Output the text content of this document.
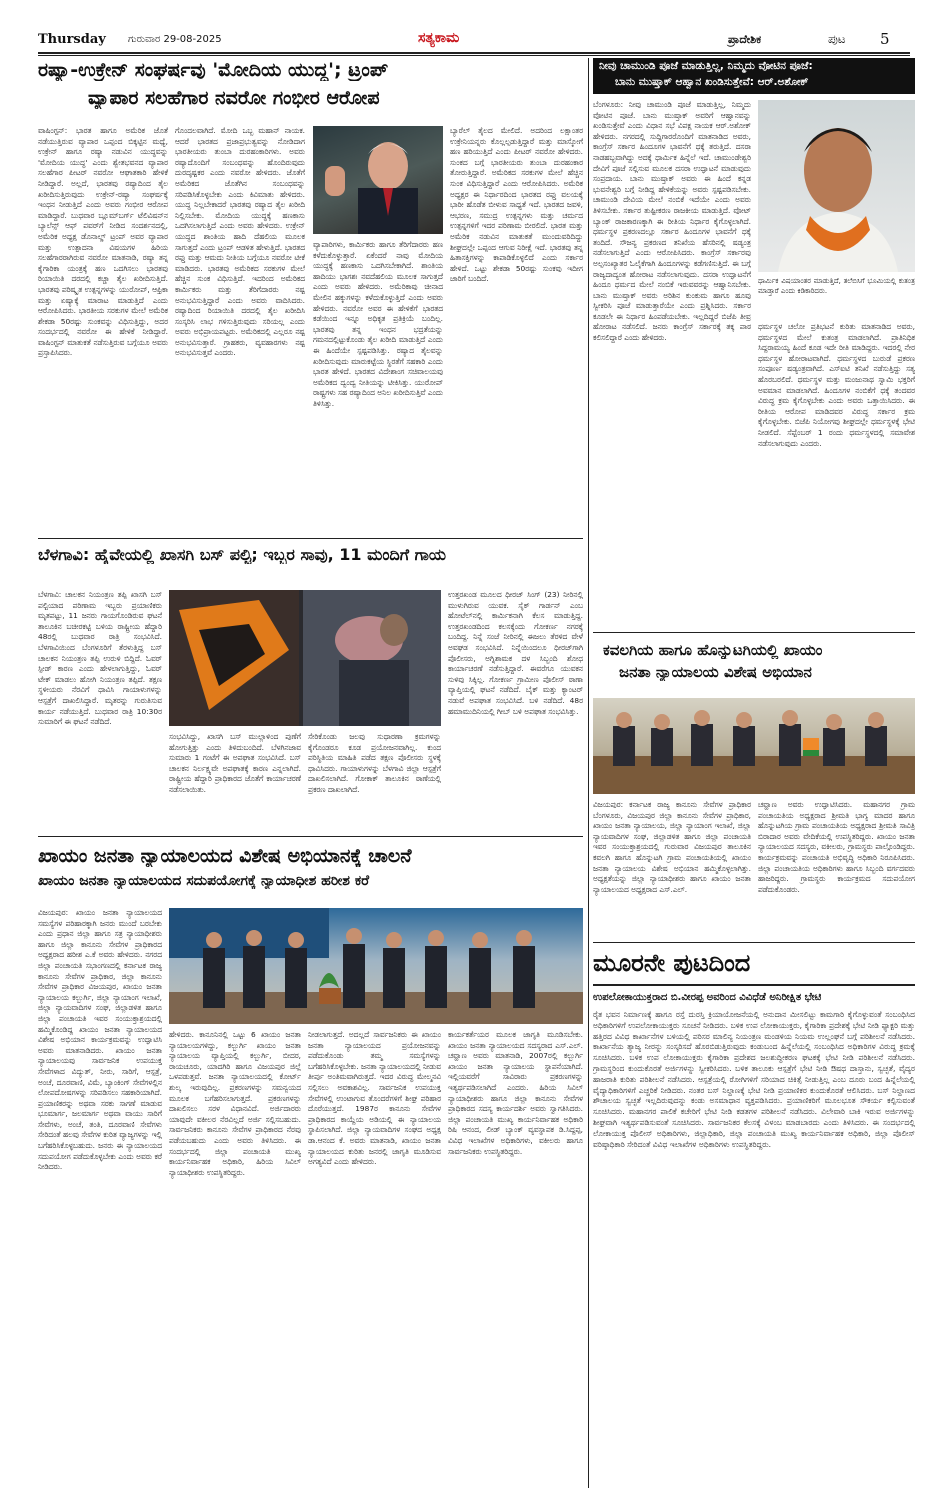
Thursday ಗುರುವಾರ 29-08-2025	ಸತ್ಯಕಾಮ	ಪ್ರಾದೇಶಿಕ	ಪುಟ 5
ರಷ್ಯಾ-ಉಕ್ರೇನ್ ಸಂಘರ್ಷವು 'ಮೋದಿಯ ಯುದ್ಧ'; ಟ್ರಂಪ್
ವ್ಯಾಪಾರ ಸಲಹೆಗಾರ ನವರೋ ಗಂಭೀರ ಆರೋಪ
ವಾಷಿಂಗ್ಟನ್: ಭಾರತ ಹಾಗೂ ಅಮೆರಿಕ ಜೊತೆ ನಡೆಯುತ್ತಿರುವ ವ್ಯಾಪಾರ ಒಪ್ಪಂದ ಬಿಕ್ಕಟ್ಟಿನ ಮಧ್ಯೆ, ಉಕ್ರೇನ್ ಹಾಗೂ ರಷ್ಯಾ ನಡುವಿನ ಯುದ್ಧವನ್ನು 'ಮೋದಿಯ ಯುದ್ಧ' ಎಂದು ಶ್ವೇತಭವನದ ವ್ಯಾಪಾರ ಸಲಹೆಗಾರ ಪೀಟರ್ ನವರೋ ಆಘಾತಕಾರಿ ಹೇಳಿಕೆ ನೀಡಿದ್ದಾರೆ. ಅಲ್ಲದೆ, ಭಾರತವು ರಷ್ಯಾದಿಂದ ತೈಲ ಖರೀದಿಸುತ್ತಿರುವುದು ಉಕ್ರೇನ್-ರಷ್ಯಾ ಸಂಘರ್ಷಕ್ಕೆ ಇಂಧನ ನೀಡುತ್ತಿದೆ ಎಂದು ಅವರು ಗಂಭೀರ ಆರೋಪ ಮಾಡಿದ್ದಾರೆ. ಬುಧವಾರ ಬ್ಲೂಮ್‌ಬರ್ಗ್ ಟೆಲಿವಿಷನ್‌ನ ಬ್ಯಾಲೆನ್ಸ್ ಆಫ್ ಪವರ್‌ಗೆ ನೀಡಿದ ಸಂದರ್ಶನದಲ್ಲಿ, ಅಮೆರಿಕ ಅಧ್ಯಕ್ಷ ಡೊನಾಲ್ಡ್ ಟ್ರಂಪ್ ಅವರ ವ್ಯಾಪಾರ ಮತ್ತು ಉತ್ಪಾದನಾ ವಿಷಯಗಳ ಹಿರಿಯ ಸಲಹೆಗಾರರಾಗಿರುವ ನವರೋ ಮಾತನಾಡಿ, ರಷ್ಯಾ ತನ್ನ ಕೈಗಾರಿಕಾ ಯಂತ್ರಕ್ಕೆ ಹಣ ಒದಗಿಸಲು ಭಾರತವು ರಿಯಾಯಿತಿ ದರದಲ್ಲಿ ಕಚ್ಚಾ ತೈಲ ಖರೀದಿಸುತ್ತಿದೆ. ಭಾರತವು ಪರಿಷ್ಕೃತ ಉತ್ಪನ್ನಗಳನ್ನು ಯುರೋಪ್, ಆಫ್ರಿಕಾ ಮತ್ತು ಏಷ್ಯಾಕ್ಕೆ ಮಾರಾಟ ಮಾಡುತ್ತಿದೆ ಎಂದು ಆರೋಪಿಸಿದರು. ಭಾರತೀಯ ಸರಕುಗಳ ಮೇಲೆ ಅಮೆರಿಕ ಶೇಕಡಾ 50ರಷ್ಟು ಸುಂಕವನ್ನು ವಿಧಿಸುತ್ತಿದ್ದು, ಅದರ ಸಂದರ್ಭದಲ್ಲಿ ನವರೋ ಈ ಹೇಳಿಕೆ ನೀಡಿದ್ದಾರೆ. ವಾಷಿಂಗ್ಟನ್ ಮಾತುಕತೆ ನಡೆಸುತ್ತಿರುವ ಬಗ್ಗೆಯೂ ಅವರು ಪ್ರಸ್ತಾಪಿಸಿದರು.
ಗೊಂದಲವಾಗಿದೆ. ಮೋದಿ ಒಬ್ಬ ಮಹಾನ್ ನಾಯಕ. ಆದರೆ ಭಾರತದ ಪ್ರಜಾಪ್ರಭುತ್ವವನ್ನು ನೋಡಿದಾಗ ಭಾರತೀಯರು ತುಂಬಾ ದುರಹಂಕಾರಿಗಳು. ಅವರು ರಷ್ಯಾದೊಂದಿಗೆ ಸಂಬಂಧವನ್ನು ಹೊಂದಿರುವುದು ದುರದೃಷ್ಟಕರ ಎಂದು ನವರೋ ಹೇಳಿದರು. ಜೊತೆಗೆ ಅಮೆರಿಕದ ಜೊತೆಗಿನ ಸಂಬಂಧವನ್ನು ಸರಿಪಡಿಸಿಕೊಳ್ಳಬೇಕು ಎಂದು ಕಿವಿಮಾತು ಹೇಳಿದರು. ಯುದ್ಧ ನಿಲ್ಲಬೇಕಾದರೆ ಭಾರತವು ರಷ್ಯಾದ ತೈಲ ಖರೀದಿ ನಿಲ್ಲಿಸಬೇಕು. ಮೋದಿಯ ಯುದ್ಧಕ್ಕೆ ಹಣಕಾಸು ಒದಗಿಸಲಾಗುತ್ತಿದೆ ಎಂದು ಅವರು ಹೇಳಿದರು. ಉಕ್ರೇನ್ ಯುದ್ಧದ ಶಾಂತಿಯ ಹಾದಿ ದೆಹಲಿಯ ಮೂಲಕ ಸಾಗುತ್ತದೆ ಎಂದು ಟ್ರಂಪ್ ಆಡಳಿತ ಹೇಳುತ್ತಿದೆ. ಭಾರತದ ರಫ್ತು ಮತ್ತು ಆಮದು ನೀತಿಯ ಬಗ್ಗೆಯೂ ನವರೋ ಟೀಕೆ ಮಾಡಿದರು. ಭಾರತವು ಅಮೆರಿಕದ ಸರಕುಗಳ ಮೇಲೆ ಹೆಚ್ಚಿನ ಸುಂಕ ವಿಧಿಸುತ್ತಿದೆ. ಇದರಿಂದ ಅಮೆರಿಕದ ಕಾರ್ಮಿಕರು ಮತ್ತು ತೆರಿಗೆದಾರರು ನಷ್ಟ ಅನುಭವಿಸುತ್ತಿದ್ದಾರೆ ಎಂದು ಅವರು ವಾದಿಸಿದರು. ರಷ್ಯಾದಿಂದ ರಿಯಾಯಿತಿ ದರದಲ್ಲಿ ತೈಲ ಖರೀದಿಸಿ ಸಂಸ್ಕರಿಸಿ ಲಾಭ ಗಳಿಸುತ್ತಿರುವುದು ಸರಿಯಲ್ಲ ಎಂದು ಅವರು ಅಭಿಪ್ರಾಯಪಟ್ಟರು. ಅಮೆರಿಕದಲ್ಲಿ ಎಲ್ಲರೂ ನಷ್ಟ ಅನುಭವಿಸುತ್ತಾರೆ. ಗ್ರಾಹಕರು, ವ್ಯವಹಾರಗಳು ನಷ್ಟ ಅನುಭವಿಸುತ್ತವೆ ಎಂದರು.
ವ್ಯಾಪಾರಿಗಳು, ಕಾರ್ಮಿಕರು ಹಾಗೂ ತೆರಿಗೆದಾರರು ಹಣ ಕಳೆದುಕೊಳ್ಳುತ್ತಾರೆ. ಏಕೆಂದರೆ ನಾವು ಮೋದಿಯ ಯುದ್ಧಕ್ಕೆ ಹಣಕಾಸು ಒದಗಿಸಬೇಕಾಗಿದೆ. ಶಾಂತಿಯ ಹಾದಿಯು ಭಾಗಶಃ ನವದೆಹಲಿಯ ಮೂಲಕ ಸಾಗುತ್ತದೆ ಎಂದು ಅವರು ಹೇಳಿದರು. ಅಮೆರಿಕಾವು ಚೀನಾದ ಮೇಲಿನ ಹಕ್ಕುಗಳನ್ನು ಕಳೆದುಕೊಳ್ಳುತ್ತಿದೆ ಎಂದು ಅವರು ಹೇಳಿದರು. ನವರೋ ಅವರ ಈ ಹೇಳಿಕೆಗೆ ಭಾರತದ ಕಡೆಯಿಂದ ಇನ್ನೂ ಅಧಿಕೃತ ಪ್ರತಿಕ್ರಿಯೆ ಬಂದಿಲ್ಲ. ಭಾರತವು ತನ್ನ ಇಂಧನ ಭದ್ರತೆಯನ್ನು ಗಮನದಲ್ಲಿಟ್ಟುಕೊಂಡು ತೈಲ ಖರೀದಿ ಮಾಡುತ್ತಿದೆ ಎಂದು ಈ ಹಿಂದೆಯೇ ಸ್ಪಷ್ಟಪಡಿಸಿತ್ತು. ರಷ್ಯಾದ ತೈಲವನ್ನು ಖರೀದಿಸುವುದು ಮಾರುಕಟ್ಟೆಯ ಸ್ಥಿರತೆಗೆ ಸಹಕಾರಿ ಎಂದು ಭಾರತ ಹೇಳಿದೆ. ಭಾರತದ ವಿದೇಶಾಂಗ ಸಚಿವಾಲಯವು ಅಮೆರಿಕದ ದ್ವಂದ್ವ ನೀತಿಯನ್ನು ಟೀಕಿಸಿತ್ತು. ಯುರೋಪ್ ರಾಷ್ಟ್ರಗಳು ಸಹ ರಷ್ಯಾದಿಂದ ಅನಿಲ ಖರೀದಿಸುತ್ತಿವೆ ಎಂದು ತಿಳಿಸಿತ್ತು.
ಬ್ಯಾರೆಲ್ ತೈಲದ ಮೇಲಿದೆ. ಅದರಿಂದ ಲಕ್ಷಾಂತರ ಉಕ್ರೇನಿಯನ್ನರು ಕೊಲ್ಲಲ್ಪಡುತ್ತಿದ್ದಾರೆ ಮತ್ತು ಮಾಸ್ಕೋಗೆ ಹಣ ಹರಿಯುತ್ತಿದೆ ಎಂದು ಪೀಟರ್ ನವರೋ ಹೇಳಿದರು. ಸುಂಕದ ಬಗ್ಗೆ ಭಾರತೀಯರು ತುಂಬಾ ದುರಹಂಕಾರ ತೋರುತ್ತಿದ್ದಾರೆ. ಅಮೆರಿಕದ ಸರಕುಗಳ ಮೇಲೆ ಹೆಚ್ಚಿನ ಸುಂಕ ವಿಧಿಸುತ್ತಿದ್ದಾರೆ ಎಂದು ಆರೋಪಿಸಿದರು. ಅಮೆರಿಕ ಅಧ್ಯಕ್ಷರ ಈ ನಿರ್ಧಾರದಿಂದ ಭಾರತದ ರಫ್ತು ವಲಯಕ್ಕೆ ಭಾರೀ ಹೊಡೆತ ಬೀಳುವ ಸಾಧ್ಯತೆ ಇದೆ. ಭಾರತದ ಜವಳಿ, ಆಭರಣ, ಸಮುದ್ರ ಉತ್ಪನ್ನಗಳು ಮತ್ತು ಚರ್ಮದ ಉತ್ಪನ್ನಗಳಿಗೆ ಇದರ ಪರಿಣಾಮ ಬೀರಲಿದೆ. ಭಾರತ ಮತ್ತು ಅಮೆರಿಕ ನಡುವಿನ ಮಾತುಕತೆ ಮುಂದುವರಿದಿದ್ದು ಶೀಘ್ರದಲ್ಲೇ ಒಪ್ಪಂದ ಆಗುವ ನಿರೀಕ್ಷೆ ಇದೆ. ಭಾರತವು ತನ್ನ ಹಿತಾಸಕ್ತಿಗಳನ್ನು ಕಾಪಾಡಿಕೊಳ್ಳಲಿದೆ ಎಂದು ಸರ್ಕಾರ ಹೇಳಿದೆ. ಒಟ್ಟು ಶೇಕಡಾ 50ರಷ್ಟು ಸುಂಕವು ಇದೀಗ ಜಾರಿಗೆ ಬಂದಿದೆ.
ನೀವು ಚಾಮುಂಡಿ ಪೂಜೆ ಮಾಡುತ್ತಿಲ್ಲ, ನಿಮ್ಮದು ವೋಟಿನ ಪೂಜೆ:
ಬಾನು ಮುಷ್ತಾಕ್ ಆಹ್ವಾನ ಖಂಡಿಸುತ್ತೇವೆ: ಆರ್.ಅಶೋಕ್
ಬೆಂಗಳೂರು: ನೀವು ಚಾಮುಂಡಿ ಪೂಜೆ ಮಾಡುತ್ತಿಲ್ಲ, ನಿಮ್ಮದು ವೋಟಿನ ಪೂಜೆ. ಬಾನು ಮುಷ್ತಾಕ್ ಅವರಿಗೆ ಆಹ್ವಾನವನ್ನು ಖಂಡಿಸುತ್ತೇವೆ ಎಂದು ವಿಧಾನ ಸಭೆ ವಿಪಕ್ಷ ನಾಯಕ ಆರ್.ಅಶೋಕ್ ಹೇಳಿದರು. ನಗರದಲ್ಲಿ ಸುದ್ದಿಗಾರರೊಂದಿಗೆ ಮಾತನಾಡಿದ ಅವರು, ಕಾಂಗ್ರೆಸ್ ಸರ್ಕಾರ ಹಿಂದೂಗಳ ಭಾವನೆಗೆ ಧಕ್ಕೆ ತರುತ್ತಿದೆ. ದಸರಾ ನಾಡಹಬ್ಬವಾಗಿದ್ದು ಅದಕ್ಕೆ ಧಾರ್ಮಿಕ ಹಿನ್ನೆಲೆ ಇದೆ. ಚಾಮುಂಡೇಶ್ವರಿ ದೇವಿಗೆ ಪೂಜೆ ಸಲ್ಲಿಸುವ ಮೂಲಕ ದಸರಾ ಉದ್ಘಾಟನೆ ಮಾಡುವುದು ಸಂಪ್ರದಾಯ. ಬಾನು ಮುಷ್ತಾಕ್ ಅವರು ಈ ಹಿಂದೆ ಕನ್ನಡ ಭುವನೇಶ್ವರಿ ಬಗ್ಗೆ ನೀಡಿದ್ದ ಹೇಳಿಕೆಯನ್ನು ಅವರು ಸ್ಪಷ್ಟಪಡಿಸಬೇಕು. ಚಾಮುಂಡಿ ದೇವಿಯ ಮೇಲೆ ನಂಬಿಕೆ ಇದೆಯೇ ಎಂದು ಅವರು ತಿಳಿಸಬೇಕು. ಸರ್ಕಾರ ತುಷ್ಟೀಕರಣ ರಾಜಕೀಯ ಮಾಡುತ್ತಿದೆ. ವೋಟ್ ಬ್ಯಾಂಕ್ ರಾಜಕಾರಣಕ್ಕಾಗಿ ಈ ರೀತಿಯ ನಿರ್ಧಾರ ಕೈಗೊಳ್ಳಲಾಗಿದೆ. ಧರ್ಮಸ್ಥಳ ಪ್ರಕರಣದಲ್ಲೂ ಸರ್ಕಾರ ಹಿಂದೂಗಳ ಭಾವನೆಗೆ ಧಕ್ಕೆ ತಂದಿದೆ. ಸೌಜನ್ಯ ಪ್ರಕರಣದ ತನಿಖೆಯ ಹೆಸರಿನಲ್ಲಿ ಷಡ್ಯಂತ್ರ ನಡೆಸಲಾಗುತ್ತಿದೆ ಎಂದು ಆರೋಪಿಸಿದರು. ಕಾಂಗ್ರೆಸ್ ಸರ್ಕಾರವು ಅಲ್ಪಸಂಖ್ಯಾತರ ಓಲೈಕೆಗಾಗಿ ಹಿಂದೂಗಳನ್ನು ಕಡೆಗಣಿಸುತ್ತಿದೆ. ಈ ಬಗ್ಗೆ ರಾಜ್ಯದಾದ್ಯಂತ ಹೋರಾಟ ನಡೆಸಲಾಗುವುದು. ದಸರಾ ಉದ್ಘಾಟನೆಗೆ ಹಿಂದೂ ಧರ್ಮದ ಮೇಲೆ ನಂಬಿಕೆ ಇರುವವರನ್ನು ಆಹ್ವಾನಿಸಬೇಕು. ಬಾನು ಮುಷ್ತಾಕ್ ಅವರು ಅರಿಶಿನ ಕುಂಕುಮ ಹಾಗೂ ಹೂವು ಸ್ವೀಕರಿಸಿ ಪೂಜೆ ಮಾಡುತ್ತಾರೆಯೇ ಎಂದು ಪ್ರಶ್ನಿಸಿದರು. ಸರ್ಕಾರ ಕೂಡಲೇ ಈ ನಿರ್ಧಾರ ಹಿಂಪಡೆಯಬೇಕು. ಇಲ್ಲದಿದ್ದರೆ ಬಿಜೆಪಿ ತೀವ್ರ ಹೋರಾಟ ನಡೆಸಲಿದೆ. ಜನರು ಕಾಂಗ್ರೆಸ್ ಸರ್ಕಾರಕ್ಕೆ ತಕ್ಕ ಪಾಠ ಕಲಿಸಲಿದ್ದಾರೆ ಎಂದು ಹೇಳಿದರು.
ಧಾರ್ಮಿಕ ವಿಷಯಾಂತರ ಮಾಡುತ್ತಿದೆ, ತಲೆಬಿಸಿಗೆ ಭೂಮಿಯಲ್ಲಿ ಕುತಂತ್ರ ಮಾಡ್ತಾರೆ ಎಂದು ಕಿಡಿಕಾರಿದರು.
ಧರ್ಮಸ್ಥಳ ಚಲೋ ಪ್ರತಿಭಟನೆ ಕುರಿತು ಮಾತನಾಡಿದ ಅವರು, ಧರ್ಮಸ್ಥಳದ ಮೇಲೆ ಕುತಂತ್ರ ಮಾಡಲಾಗಿದೆ. ಪ್ರಾತಿನಿಧಿಕ ಸಿದ್ದರಾಮಯ್ಯ ಹಿಂದೆ ಕೂಡ ಇದೇ ರೀತಿ ಮಾಡಿದ್ದರು. ಇದರಲ್ಲಿ ನೇರ ಧರ್ಮಸ್ಥಳ ಹೋರಾಟವಾಗಿದೆ. ಧರ್ಮಸ್ಥಳದ ಬುರುಡೆ ಪ್ರಕರಣ ಸಂಪೂರ್ಣ ಷಡ್ಯಂತ್ರವಾಗಿದೆ. ಎಸ್‌ಐಟಿ ತನಿಖೆ ನಡೆಸುತ್ತಿದ್ದು ಸತ್ಯ ಹೊರಬರಲಿದೆ. ಧರ್ಮಸ್ಥಳ ಮತ್ತು ಮಂಜುನಾಥ ಸ್ವಾಮಿ ಭಕ್ತರಿಗೆ ಅವಮಾನ ಮಾಡಲಾಗಿದೆ. ಹಿಂದೂಗಳ ನಂಬಿಕೆಗೆ ಧಕ್ಕೆ ತಂದವರ ವಿರುದ್ಧ ಕ್ರಮ ಕೈಗೊಳ್ಳಬೇಕು ಎಂದು ಅವರು ಒತ್ತಾಯಿಸಿದರು. ಈ ರೀತಿಯ ಆರೋಪ ಮಾಡಿದವರ ವಿರುದ್ಧ ಸರ್ಕಾರ ಕ್ರಮ ಕೈಗೊಳ್ಳಬೇಕು. ಬಿಜೆಪಿ ನಿಯೋಗವು ಶೀಘ್ರದಲ್ಲೇ ಧರ್ಮಸ್ಥಳಕ್ಕೆ ಭೇಟಿ ನೀಡಲಿದೆ. ಸೆಪ್ಟೆಂಬರ್ 1 ರಂದು ಧರ್ಮಸ್ಥಳದಲ್ಲಿ ಸಮಾವೇಶ ನಡೆಸಲಾಗುವುದು ಎಂದರು.
ಬೆಳಗಾವಿ: ಹೈವೇಯಲ್ಲಿ ಖಾಸಗಿ ಬಸ್ ಪಲ್ಟಿ; ಇಬ್ಬರ ಸಾವು, 11 ಮಂದಿಗೆ ಗಾಯ
ಬೆಳಗಾವಿ: ಚಾಲಕನ ನಿಯಂತ್ರಣ ತಪ್ಪಿ ಖಾಸಗಿ ಬಸ್ ಪಲ್ಟಿಯಾದ ಪರಿಣಾಮ ಇಬ್ಬರು ಪ್ರಯಾಣಿಕರು ಮೃತಪಟ್ಟು, 11 ಜನರು ಗಾಯಗೊಂಡಿರುವ ಘಟನೆ ತಾಲೂಕಿನ ಬಚೀರಕಟ್ಟಿ ಬಳಿಯ ರಾಷ್ಟ್ರೀಯ ಹೆದ್ದಾರಿ 48ರಲ್ಲಿ ಬುಧವಾರ ರಾತ್ರಿ ಸಂಭವಿಸಿದೆ. ಬೆಳಗಾವಿಯಿಂದ ಬೆಂಗಳೂರಿಗೆ ತೆರಳುತ್ತಿದ್ದ ಬಸ್ ಚಾಲಕನ ನಿಯಂತ್ರಣ ತಪ್ಪಿ ಉರುಳಿ ಬಿದ್ದಿದೆ. ಓವರ್ ಸ್ಪೀಡ್ ಕಾರಣ ಎಂದು ಹೇಳಲಾಗುತ್ತಿದ್ದು, ಓವರ್ ಟೇಕ್ ಮಾಡಲು ಹೋಗಿ ನಿಯಂತ್ರಣ ತಪ್ಪಿದೆ. ತಕ್ಷಣ ಸ್ಥಳೀಯರು ನೆರವಿಗೆ ಧಾವಿಸಿ ಗಾಯಾಳುಗಳನ್ನು ಆಸ್ಪತ್ರೆಗೆ ದಾಖಲಿಸಿದ್ದಾರೆ. ಮೃತರನ್ನು ಗುರುತಿಸುವ ಕಾರ್ಯ ನಡೆಯುತ್ತಿದೆ. ಬುಧವಾರ ರಾತ್ರಿ 10:30ರ ಸುಮಾರಿಗೆ ಈ ಘಟನೆ ನಡೆದಿದೆ.
ಸಂಭವಿಸಿದ್ದು, ಖಾಸಗಿ ಬಸ್ ಮುಲ್ಲಾಳಿಂದ ಪುಣೆಗೆ ಹೋಗುತ್ತಿತ್ತು ಎಂದು ತಿಳಿದುಬಂದಿದೆ. ಬೆಳಗಿನಜಾವ ಸುಮಾರು 1 ಗಂಟೆಗೆ ಈ ಅಪಘಾತ ಸಂಭವಿಸಿದೆ. ಬಸ್ ಚಾಲಕನ ನಿರ್ಲಕ್ಷ್ಯವೇ ಅಪಘಾತಕ್ಕೆ ಕಾರಣ ಎನ್ನಲಾಗಿದೆ. ರಾಷ್ಟ್ರೀಯ ಹೆದ್ದಾರಿ ಪ್ರಾಧಿಕಾರದ ಜೊತೆಗೆ ಕಾರ್ಯಾಚರಣೆ ನಡೆಸಲಾಯಿತು.
ಸೇರಿಕೊಂಡು ಜಲವು ಸುಧಾರಣಾ ಕ್ರಮಗಳನ್ನು ಕೈಗೊಂಡರೂ ಕೂಡ ಪ್ರಯೋಜನವಾಗಿಲ್ಲ. ಕುಂದ ಪರಿಸ್ಥಿತಿಯ ಮಾಹಿತಿ ಪಡೆದ ತಕ್ಷಣ ಪೊಲೀಸರು ಸ್ಥಳಕ್ಕೆ ಧಾವಿಸಿದರು. ಗಾಯಾಳುಗಳನ್ನು ಬೆಳಗಾವಿ ಜಿಲ್ಲಾ ಆಸ್ಪತ್ರೆಗೆ ದಾಖಲಿಸಲಾಗಿದೆ. ಗೋಕಾಕ್ ತಾಲೂಕಿನ ಠಾಣೆಯಲ್ಲಿ ಪ್ರಕರಣ ದಾಖಲಾಗಿದೆ.
ಉತ್ತರಖಂಡ ಮೂಲದ ಧೀರಜ್ ಸಿಂಗ್ (23) ನೀರಿನಲ್ಲಿ ಮುಳುಗಿರುವ ಯುವಕ. ಸೈಕ್ ಗಾರ್ಡನ್ ಎಂಬ ಹೋಟೆಲ್‌ನಲ್ಲಿ ಕಾರ್ಮಿಕನಾಗಿ ಕೆಲಸ ಮಾಡುತ್ತಿದ್ದ. ಉತ್ತರಖಂಡದಿಂದ ಕಲಸಕ್ಕೆಂದು ಗೋಕರ್ಣ ನಗರಕ್ಕೆ ಬಂದಿದ್ದ. ನಿನ್ನೆ ಸಂಜೆ ನೀರಿನಲ್ಲಿ ಈಜಲು ತೆರಳಿದ ವೇಳೆ ಅವಘಡ ಸಂಭವಿಸಿದೆ. ನಿನ್ನೆಯಿಂದಲೂ ಧೀರಜ್‌ಗಾಗಿ ಪೊಲೀಸರು, ಅಗ್ನಿಶಾಮಕ ದಳ ಸಿಬ್ಬಂದಿ ಶೋಧ ಕಾರ್ಯಾಚರಣೆ ನಡೆಸುತ್ತಿದ್ದಾರೆ. ಈವರೆಗೂ ಯುವಕನ ಸುಳಿವು ಸಿಕ್ಕಿಲ್ಲ. ಗೋಕರ್ಣ ಗ್ರಾಮೀಣ ಪೊಲೀಸ್ ಠಾಣಾ ವ್ಯಾಪ್ತಿಯಲ್ಲಿ ಘಟನೆ ನಡೆದಿದೆ. ಬೈಕ್ ಮತ್ತು ಕ್ಯಾಂಟರ್ ನಡುವೆ ಅಪಘಾತ ಸಂಭವಿಸಿದೆ. ಬಳಿ ನಡೆದಿದೆ. 48ರ ಹಮಾಮುದಿನಿಯಲ್ಲಿ ಗೀಬ್ ಬಳಿ ಅಪಘಾತ ಸಂಭವಿಸಿತ್ತು.
ಕವಲಗಿಯ ಹಾಗೂ ಹೊನ್ನುಟಗಿಯಲ್ಲಿ ಖಾಯಂ
ಜನತಾ ನ್ಯಾಯಾಲಯ ವಿಶೇಷ ಅಭಿಯಾನ
ವಿಜಯಪುರ: ಕರ್ನಾಟಕ ರಾಜ್ಯ ಕಾನೂನು ಸೇವೆಗಳ ಪ್ರಾಧಿಕಾರ ಬೆಂಗಳೂರು, ವಿಜಯಪುರ ಜಿಲ್ಲಾ ಕಾನೂನು ಸೇವೆಗಳ ಪ್ರಾಧಿಕಾರ, ಖಾಯಂ ಜನತಾ ನ್ಯಾಯಾಲಯ, ಜಿಲ್ಲಾ ನ್ಯಾಯಾಂಗ ಇಲಾಖೆ, ಜಿಲ್ಲಾ ನ್ಯಾಯವಾದಿಗಳ ಸಂಘ, ಜಿಲ್ಲಾಡಳಿತ ಹಾಗೂ ಜಿಲ್ಲಾ ಪಂಚಾಯತಿ ಇವರ ಸಂಯುಕ್ತಾಶ್ರಯದಲ್ಲಿ ಗುರುವಾರ ವಿಜಯಪುರ ತಾಲೂಕಿನ ಕವಲಗಿ ಹಾಗೂ ಹೊನ್ನುಟಗಿ ಗ್ರಾಮ ಪಂಚಾಯತಿಯಲ್ಲಿ ಖಾಯಂ ಜನತಾ ನ್ಯಾಯಾಲಯ ವಿಶೇಷ ಅಭಿಯಾನ ಹಮ್ಮಿಕೊಳ್ಳಲಾಗಿತ್ತು. ಅಧ್ಯಕ್ಷತೆಯನ್ನು ಜಿಲ್ಲಾ ನ್ಯಾಯಾಧೀಶರು ಹಾಗೂ ಖಾಯಂ ಜನತಾ ನ್ಯಾಯಾಲಯದ ಅಧ್ಯಕ್ಷರಾದ ಎಸ್.ಎಲ್.
ಚವ್ಹಾಣ ಅವರು ಉದ್ಘಾಟಿಸಿದರು. ಮಹಾನಗರ ಗ್ರಾಮ ಪಂಚಾಯತಿಯ ಅಧ್ಯಕ್ಷರಾದ ಶ್ರೀಮತಿ ಭಾಗ್ಯ ಮಾದರ ಹಾಗೂ ಹೊನ್ನುಟಗಿಯ ಗ್ರಾಮ ಪಂಚಾಯತಿಯ ಅಧ್ಯಕ್ಷರಾದ ಶ್ರೀಮತಿ ಸಾವಿತ್ರಿ ಬಿರಾದಾರ ಅವರು ವೇದಿಕೆಯಲ್ಲಿ ಉಪಸ್ಥಿತರಿದ್ದರು. ಖಾಯಂ ಜನತಾ ನ್ಯಾಯಾಲಯದ ಸದಸ್ಯರು, ವಕೀಲರು, ಗ್ರಾಮಸ್ಥರು ಪಾಲ್ಗೊಂಡಿದ್ದರು. ಕಾರ್ಯಕ್ರಮವನ್ನು ಪಂಚಾಯತಿ ಅಭಿವೃದ್ಧಿ ಅಧಿಕಾರಿ ನಿರೂಪಿಸಿದರು. ಜಿಲ್ಲಾ ಪಂಚಾಯತಿಯ ಅಧಿಕಾರಿಗಳು ಹಾಗೂ ಸಿಬ್ಬಂದಿ ವರ್ಗದವರು ಹಾಜರಿದ್ದರು. ಗ್ರಾಮಸ್ಥರು ಕಾರ್ಯಕ್ರಮದ ಸದುಪಯೋಗ ಪಡೆದುಕೊಂಡರು.
ಖಾಯಂ ಜನತಾ ನ್ಯಾಯಾಲಯದ ವಿಶೇಷ ಅಭಿಯಾನಕ್ಕೆ ಚಾಲನೆ
ಖಾಯಂ ಜನತಾ ನ್ಯಾಯಾಲಯದ ಸದುಪಯೋಗಕ್ಕೆ ನ್ಯಾಯಾಧೀಶ ಹರೀಶ ಕರೆ
ವಿಜಯಪುರ: ಖಾಯಂ ಜನತಾ ನ್ಯಾಯಾಲಯದ ಸಮಸ್ಯೆಗಳ ಪರಿಹಾರಕ್ಕಾಗಿ ಜನರು ಮುಂದೆ ಬರಬೇಕು ಎಂದು ಪ್ರಧಾನ ಜಿಲ್ಲಾ ಹಾಗೂ ಸತ್ರ ನ್ಯಾಯಾಧೀಶರು ಹಾಗೂ ಜಿಲ್ಲಾ ಕಾನೂನು ಸೇವೆಗಳ ಪ್ರಾಧಿಕಾರದ ಅಧ್ಯಕ್ಷರಾದ ಹರೀಶ ಎ.ಕೆ ಅವರು ಹೇಳಿದರು. ನಗರದ ಜಿಲ್ಲಾ ಪಂಚಾಯತಿ ಸಭಾಂಗಣದಲ್ಲಿ ಕರ್ನಾಟಕ ರಾಜ್ಯ ಕಾನೂನು ಸೇವೆಗಳ ಪ್ರಾಧಿಕಾರ, ಜಿಲ್ಲಾ ಕಾನೂನು ಸೇವೆಗಳ ಪ್ರಾಧಿಕಾರ ವಿಜಯಪುರ, ಖಾಯಂ ಜನತಾ ನ್ಯಾಯಾಲಯ ಕಲ್ಬುರ್ಗಿ, ಜಿಲ್ಲಾ ನ್ಯಾಯಾಂಗ ಇಲಾಖೆ, ಜಿಲ್ಲಾ ನ್ಯಾಯವಾದಿಗಳ ಸಂಘ, ಜಿಲ್ಲಾಡಳಿತ ಹಾಗೂ ಜಿಲ್ಲಾ ಪಂಚಾಯತಿ ಇವರ ಸಂಯುಕ್ತಾಶ್ರಯದಲ್ಲಿ ಹಮ್ಮಿಕೊಂಡಿದ್ದ ಖಾಯಂ ಜನತಾ ನ್ಯಾಯಾಲಯದ ವಿಶೇಷ ಅಭಿಯಾನ ಕಾರ್ಯಕ್ರಮವನ್ನು ಉದ್ಘಾಟಿಸಿ ಅವರು ಮಾತನಾಡಿದರು. ಖಾಯಂ ಜನತಾ ನ್ಯಾಯಾಲಯವು ಸಾರ್ವಜನಿಕ ಉಪಯುಕ್ತ ಸೇವೆಗಳಾದ ವಿದ್ಯುತ್, ನೀರು, ಸಾರಿಗೆ, ಆಸ್ಪತ್ರೆ, ಅಂಚೆ, ದೂರವಾಣಿ, ವಿಮೆ, ಬ್ಯಾಂಕಿಂಗ್ ಸೇವೆಗಳಲ್ಲಿನ ಲೋಪದೋಷಗಳನ್ನು ಸರಿಪಡಿಸಲು ಸಹಕಾರಿಯಾಗಿದೆ. ಪ್ರಯಾಣಿಕರನ್ನು ಅಥವಾ ಸರಕು ಸಾಗಣೆ ಮಾಡುವ ಭೂಮಾರ್ಗ, ಜಲಮಾರ್ಗ ಅಥವಾ ವಾಯು ಸಾರಿಗೆ ಸೇವೆಗಳು, ಅಂಚೆ, ತಂತಿ, ದೂರವಾಣಿ ಸೇವೆಗಳು ಸೇರಿದಂತೆ ಹಲವು ಸೇವೆಗಳ ಕುರಿತ ವ್ಯಾಜ್ಯಗಳನ್ನು ಇಲ್ಲಿ ಬಗೆಹರಿಸಿಕೊಳ್ಳಬಹುದು. ಜನರು ಈ ನ್ಯಾಯಾಲಯದ ಸದುಪಯೋಗ ಪಡೆದುಕೊಳ್ಳಬೇಕು ಎಂದು ಅವರು ಕರೆ ನೀಡಿದರು.
ಹೇಳಿದರು. ಕಾನೂನಿನಲ್ಲಿ ಒಟ್ಟು 6 ಖಾಯಂ ಜನತಾ ನ್ಯಾಯಾಲಯಗಳಿದ್ದು, ಕಲ್ಬುರ್ಗಿ ಖಾಯಂ ಜನತಾ ನ್ಯಾಯಾಲಯ ವ್ಯಾಪ್ತಿಯಲ್ಲಿ ಕಲ್ಬುರ್ಗಿ, ಬೀದರ, ರಾಯಚೂರು, ಯಾದಗಿರಿ ಹಾಗೂ ವಿಜಯಪುರ ಜಿಲ್ಲೆ ಒಳಪಡುತ್ತವೆ. ಜನತಾ ನ್ಯಾಯಾಲಯದಲ್ಲಿ ಕೋರ್ಟ್ ಶುಲ್ಕ ಇರುವುದಿಲ್ಲ. ಪ್ರಕರಣಗಳನ್ನು ಸಮನ್ವಯದ ಮೂಲಕ ಬಗೆಹರಿಸಲಾಗುತ್ತದೆ. ಪ್ರಕರಣಗಳನ್ನು ದಾಖಲಿಸಲು ಸರಳ ವಿಧಾನವಿದೆ. ಅರ್ಜಿದಾರರು ಯಾವುದೇ ವಕೀಲರ ನೆರವಿಲ್ಲದೆ ಅರ್ಜಿ ಸಲ್ಲಿಸಬಹುದು. ಸಾರ್ವಜನಿಕರು ಕಾನೂನು ಸೇವೆಗಳ ಪ್ರಾಧಿಕಾರದ ನೆರವು ಪಡೆಯಬಹುದು ಎಂದು ಅವರು ತಿಳಿಸಿದರು. ಈ ಸಂದರ್ಭದಲ್ಲಿ ಜಿಲ್ಲಾ ಪಂಚಾಯತಿ ಮುಖ್ಯ ಕಾರ್ಯನಿರ್ವಾಹಕ ಅಧಿಕಾರಿ, ಹಿರಿಯ ಸಿವಿಲ್ ನ್ಯಾಯಾಧೀಶರು ಉಪಸ್ಥಿತರಿದ್ದರು.
ನೀಡಲಾಗುತ್ತದೆ. ಅದಲ್ಲದೆ ಸಾರ್ವಜನಿಕರು ಈ ಖಾಯಂ ಜನತಾ ನ್ಯಾಯಾಲಯದ ಪ್ರಯೋಜನವನ್ನು ಪಡೆದುಕೊಂಡು ತಮ್ಮ ಸಮಸ್ಯೆಗಳನ್ನು ಬಗೆಹರಿಸಿಕೊಳ್ಳಬೇಕು. ಜನತಾ ನ್ಯಾಯಾಲಯದಲ್ಲಿ ನೀಡುವ ತೀರ್ಪು ಅಂತಿಮವಾಗಿರುತ್ತದೆ. ಇದರ ವಿರುದ್ಧ ಮೇಲ್ಮನವಿ ಸಲ್ಲಿಸಲು ಅವಕಾಶವಿಲ್ಲ. ಸಾರ್ವಜನಿಕ ಉಪಯುಕ್ತ ಸೇವೆಗಳಲ್ಲಿ ಉಂಟಾಗುವ ತೊಂದರೆಗಳಿಗೆ ಶೀಘ್ರ ಪರಿಹಾರ ದೊರೆಯುತ್ತದೆ. 1987ರ ಕಾನೂನು ಸೇವೆಗಳ ಪ್ರಾಧಿಕಾರದ ಕಾಯ್ದೆಯ ಅಡಿಯಲ್ಲಿ ಈ ನ್ಯಾಯಾಲಯ ಸ್ಥಾಪಿಸಲಾಗಿದೆ. ಜಿಲ್ಲಾ ನ್ಯಾಯವಾದಿಗಳ ಸಂಘದ ಅಧ್ಯಕ್ಷ ಡಾ.ಆನಂದ ಕೆ. ಅವರು ಮಾತನಾಡಿ, ಖಾಯಂ ಜನತಾ ನ್ಯಾಯಾಲಯದ ಕುರಿತು ಜನರಲ್ಲಿ ಜಾಗೃತಿ ಮೂಡಿಸುವ ಅಗತ್ಯವಿದೆ ಎಂದು ಹೇಳಿದರು.
ಕಾರ್ಯಕರ್ತೆಯರ ಮೂಲಕ ಜಾಗೃತಿ ಮೂಡಿಸಬೇಕು. ಖಾಯಂ ಜನತಾ ನ್ಯಾಯಾಲಯದ ಸದಸ್ಯರಾದ ಎಸ್.ಎಲ್. ಚವ್ಹಾಣ ಅವರು ಮಾತನಾಡಿ, 2007ರಲ್ಲಿ ಕಲ್ಬುರ್ಗಿ ಖಾಯಂ ಜನತಾ ನ್ಯಾಯಾಲಯ ಸ್ಥಾಪನೆಯಾಗಿದೆ. ಇಲ್ಲಿಯವರೆಗೆ ಸಾವಿರಾರು ಪ್ರಕರಣಗಳನ್ನು ಇತ್ಯರ್ಥಪಡಿಸಲಾಗಿದೆ ಎಂದರು. ಹಿರಿಯ ಸಿವಿಲ್ ನ್ಯಾಯಾಧೀಶರು ಹಾಗೂ ಜಿಲ್ಲಾ ಕಾನೂನು ಸೇವೆಗಳ ಪ್ರಾಧಿಕಾರದ ಸದಸ್ಯ ಕಾರ್ಯದರ್ಶಿ ಅವರು ಸ್ವಾಗತಿಸಿದರು. ಜಿಲ್ಲಾ ಪಂಚಾಯತಿ ಮುಖ್ಯ ಕಾರ್ಯನಿರ್ವಾಹಕ ಅಧಿಕಾರಿ ರಿಷಿ ಆನಂದ, ಲೀಡ್ ಬ್ಯಾಂಕ್ ವ್ಯವಸ್ಥಾಪಕ ಡಿ.ಸಿದ್ದಪ್ಪ, ವಿವಿಧ ಇಲಾಖೆಗಳ ಅಧಿಕಾರಿಗಳು, ವಕೀಲರು ಹಾಗೂ ಸಾರ್ವಜನಿಕರು ಉಪಸ್ಥಿತರಿದ್ದರು.
ಮೂರನೇ ಪುಟದಿಂದ
ಉಪಲೋಕಾಯುಕ್ತರಾದ ಬಿ.ವೀರಪ್ಪ ಅವರಿಂದ ವಿವಿಧೆಡೆ ಅನಿರೀಕ್ಷಿತ ಭೇಟಿ
ರೈತ ಭವನ ನಿರ್ಮಾಣಕ್ಕೆ ಹಾಗೂ ರಸ್ತೆ ದುರಸ್ತಿ ಕ್ರಿಯಾಯೋಜನೆಯಲ್ಲಿ ಅನುದಾನ ಮೀಸಲಿಟ್ಟು ಕಾಮಗಾರಿ ಕೈಗೊಳ್ಳುವಂತೆ ಸಂಬಂಧಿಸಿದ ಅಧಿಕಾರಿಗಳಿಗೆ ಉಪಲೋಕಾಯುಕ್ತರು ಸೂಚನೆ ನೀಡಿದರು. ಬಳಿಕ ಉಪ ಲೋಕಾಯುಕ್ತರು, ಕೈಗಾರಿಕಾ ಪ್ರದೇಶಕ್ಕೆ ಭೇಟಿ ನೀಡಿ ಫ್ಯಾಕ್ಟರಿ ಮತ್ತು ಹತ್ತಿರದ ವಿವಿಧ ಕಾರ್ಖಾನೆಗಳ ಬಳಿಯಲ್ಲಿ ಪರಿಸರ ಮಾಲಿನ್ಯ ನಿಯಂತ್ರಣ ಮಂಡಳಿಯ ನಿಯಮ ಉಲ್ಲಂಘನೆ ಬಗ್ಗೆ ಪರಿಶೀಲನೆ ನಡೆಸಿದರು. ಕಾರ್ಖಾನೆಯ ತ್ಯಾಜ್ಯ ನೀರನ್ನು ಸಂಸ್ಕರಿಸದೆ ಹೊರಬಿಡುತ್ತಿರುವುದು ಕಂಡುಬಂದ ಹಿನ್ನೆಲೆಯಲ್ಲಿ ಸಂಬಂಧಿಸಿದ ಅಧಿಕಾರಿಗಳ ವಿರುದ್ಧ ಕ್ರಮಕ್ಕೆ ಸೂಚಿಸಿದರು. ಬಳಿಕ ಉಪ ಲೋಕಾಯುಕ್ತರು ಕೈಗಾರಿಕಾ ಪ್ರದೇಶದ ಜಲಶುದ್ಧೀಕರಣ ಘಟಕಕ್ಕೆ ಭೇಟಿ ನೀಡಿ ಪರಿಶೀಲನೆ ನಡೆಸಿದರು. ಗ್ರಾಮಸ್ಥರಿಂದ ಕುಂದುಕೊರತೆ ಅರ್ಜಿಗಳನ್ನು ಸ್ವೀಕರಿಸಿದರು. ಬಳಿಕ ತಾಲೂಕು ಆಸ್ಪತ್ರೆಗೆ ಭೇಟಿ ನೀಡಿ ಔಷಧ ದಾಸ್ತಾನು, ಸ್ವಚ್ಛತೆ, ವೈದ್ಯರ ಹಾಜರಾತಿ ಕುರಿತು ಪರಿಶೀಲನೆ ನಡೆಸಿದರು. ಆಸ್ಪತ್ರೆಯಲ್ಲಿ ರೋಗಿಗಳಿಗೆ ಸರಿಯಾದ ಚಿಕಿತ್ಸೆ ನೀಡುತ್ತಿಲ್ಲ ಎಂಬ ದೂರು ಬಂದ ಹಿನ್ನೆಲೆಯಲ್ಲಿ ವೈದ್ಯಾಧಿಕಾರಿಗಳಿಗೆ ಎಚ್ಚರಿಕೆ ನೀಡಿದರು. ನಂತರ ಬಸ್ ನಿಲ್ದಾಣಕ್ಕೆ ಭೇಟಿ ನೀಡಿ ಪ್ರಯಾಣಿಕರ ಕುಂದುಕೊರತೆ ಆಲಿಸಿದರು. ಬಸ್ ನಿಲ್ದಾಣದ ಶೌಚಾಲಯ ಸ್ವಚ್ಛತೆ ಇಲ್ಲದಿರುವುದನ್ನು ಕಂಡು ಅಸಮಾಧಾನ ವ್ಯಕ್ತಪಡಿಸಿದರು. ಪ್ರಯಾಣಿಕರಿಗೆ ಮೂಲಭೂತ ಸೌಕರ್ಯ ಕಲ್ಪಿಸುವಂತೆ ಸೂಚಿಸಿದರು. ಮಹಾನಗರ ಪಾಲಿಕೆ ಕಚೇರಿಗೆ ಭೇಟಿ ನೀಡಿ ಕಡತಗಳ ಪರಿಶೀಲನೆ ನಡೆಸಿದರು. ವಿಲೇವಾರಿ ಬಾಕಿ ಇರುವ ಅರ್ಜಿಗಳನ್ನು ಶೀಘ್ರವಾಗಿ ಇತ್ಯರ್ಥಪಡಿಸುವಂತೆ ಸೂಚಿಸಿದರು. ಸಾರ್ವಜನಿಕರ ಕೆಲಸಕ್ಕೆ ವಿಳಂಬ ಮಾಡಬಾರದು ಎಂದು ತಿಳಿಸಿದರು. ಈ ಸಂದರ್ಭದಲ್ಲಿ ಲೋಕಾಯುಕ್ತ ಪೊಲೀಸ್ ಅಧಿಕಾರಿಗಳು, ಜಿಲ್ಲಾಧಿಕಾರಿ, ಜಿಲ್ಲಾ ಪಂಚಾಯತಿ ಮುಖ್ಯ ಕಾರ್ಯನಿರ್ವಾಹಕ ಅಧಿಕಾರಿ, ಜಿಲ್ಲಾ ಪೊಲೀಸ್ ವರಿಷ್ಠಾಧಿಕಾರಿ ಸೇರಿದಂತೆ ವಿವಿಧ ಇಲಾಖೆಗಳ ಅಧಿಕಾರಿಗಳು ಉಪಸ್ಥಿತರಿದ್ದರು.
